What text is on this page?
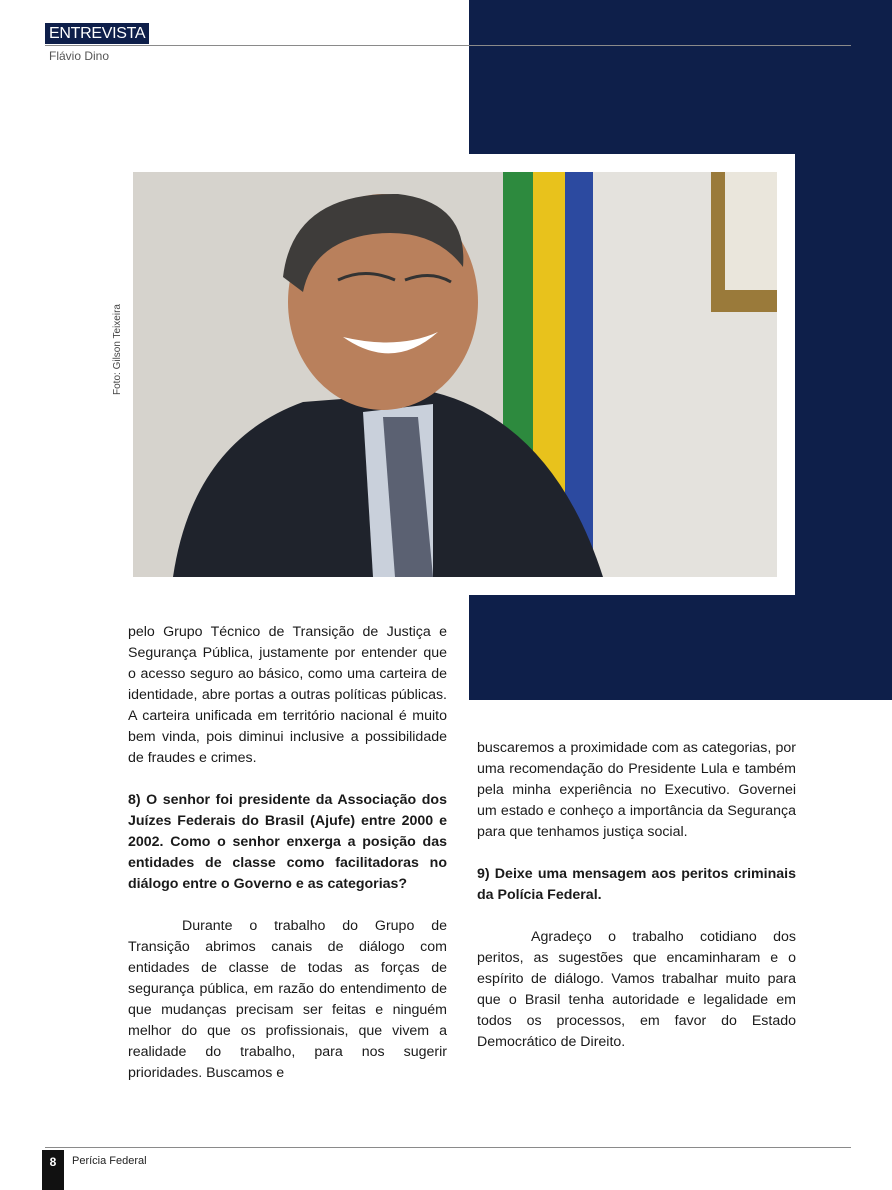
ENTREVISTA
Flávio Dino
Foto: Gilson Teixeira

pelo Grupo Técnico de Transição de Justiça e Segurança Pública, justamente por entender que o acesso seguro ao básico, como uma carteira de identidade, abre portas a outras políticas públicas. A carteira unificada em território nacional é muito bem vinda, pois diminui inclusive a possibilidade de fraudes e crimes.

8) O senhor foi presidente da Associação dos Juízes Federais do Brasil (Ajufe) entre 2000 e 2002. Como o senhor enxerga a posição das entidades de classe como facilitadoras no diálogo entre o Governo e as categorias?

Durante o trabalho do Grupo de Transição abrimos canais de diálogo com entidades de classe de todas as forças de segurança pública, em razão do entendimento de que mudanças precisam ser feitas e ninguém melhor do que os profissionais, que vivem a realidade do trabalho, para nos sugerir prioridades. Buscamos e

buscaremos a proximidade com as categorias, por uma recomendação do Presidente Lula e também pela minha experiência no Executivo. Governei um estado e conheço a importância da Segurança para que tenhamos justiça social.

9) Deixe uma mensagem aos peritos criminais da Polícia Federal.

Agradeço o trabalho cotidiano dos peritos, as sugestões que encaminharam e o espírito de diálogo. Vamos trabalhar muito para que o Brasil tenha autoridade e legalidade em todos os processos, em favor do Estado Democrático de Direito.

8	Perícia Federal
